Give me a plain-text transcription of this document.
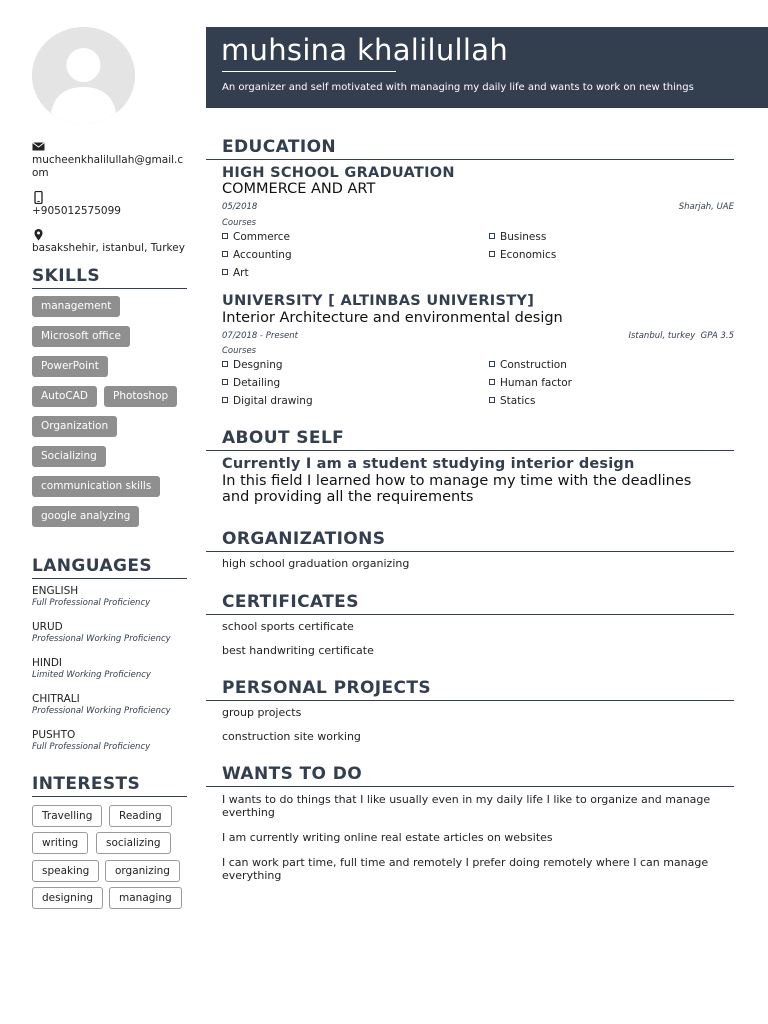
muhsina khalilullah
An organizer and self motivated with managing my daily life and wants to work on new things
mucheenkhalilullah@gmail.com
+905012575099
basakshehir, istanbul, Turkey
SKILLS
management
Microsoft office
PowerPoint
AutoCAD	Photoshop
Organization
Socializing
communication skills
google analyzing
LANGUAGES
ENGLISH
Full Professional Proficiency
URUD
Professional Working Proficiency
HINDI
Limited Working Proficiency
CHITRALI
Professional Working Proficiency
PUSHTO
Full Professional Proficiency
INTERESTS
Travelling	Reading
writing	socializing
speaking	organizing
designing	managing
EDUCATION
HIGH SCHOOL GRADUATION
COMMERCE AND ART
05/2018	Sharjah, UAE
Courses
Commerce
Accounting
Art
Business
Economics
UNIVERSITY [ ALTINBAS UNIVERISTY]
Interior Architecture and environmental design
07/2018 - Present	Istanbul, turkey GPA 3.5
Courses
Desgning
Detailing
Digital drawing
Construction
Human factor
Statics
ABOUT SELF
Currently I am a student studying interior design
In this field I learned how to manage my time with the deadlines and providing all the requirements
ORGANIZATIONS
high school graduation organizing
CERTIFICATES
school sports certificate
best handwriting certificate
PERSONAL PROJECTS
group projects
construction site working
WANTS TO DO
I wants to do things that I like usually even in my daily life I like to organize and manage everthing
I am currently writing online real estate articles on websites
I can work part time, full time and remotely I prefer doing remotely where I can manage everything
